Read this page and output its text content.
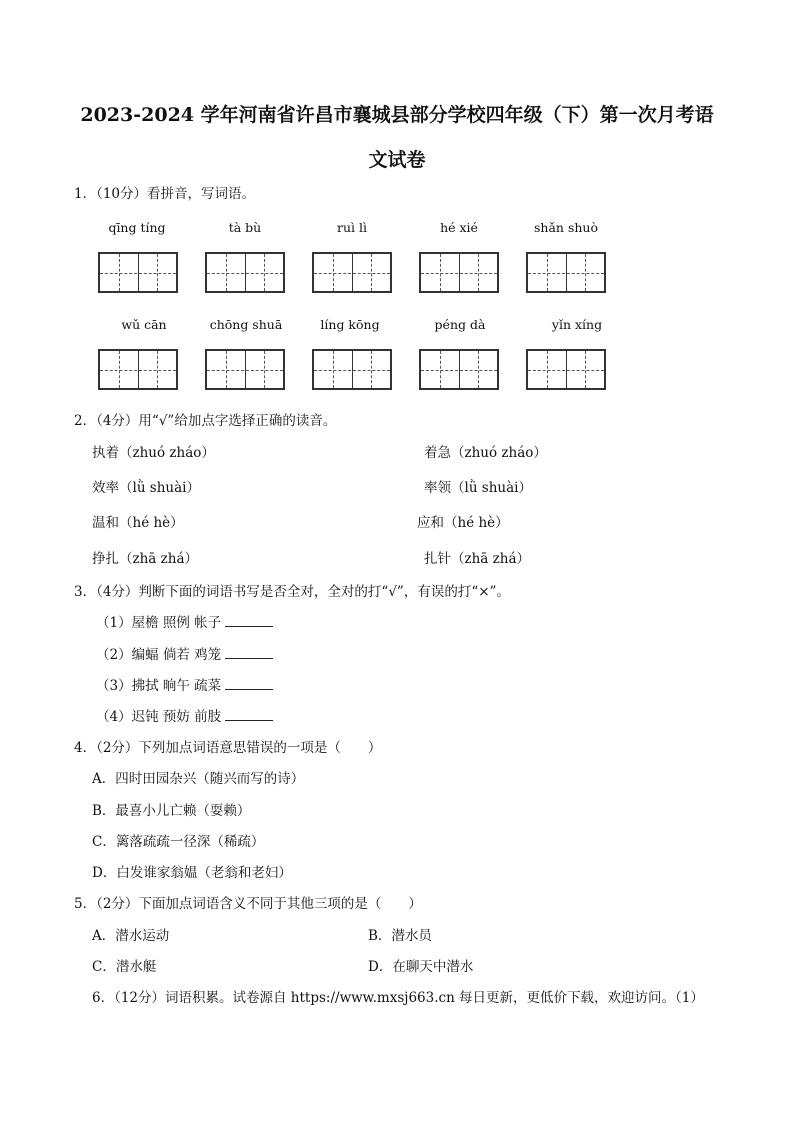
2023-2024 学年河南省许昌市襄城县部分学校四年级（下）第一次月考语
文试卷
1．（10分）看拼音，写词语。
qīng tíng	tà bù	ruì lì	hé xié	shǎn shuò
wǔ cān	chōng shuā	líng kōng	péng dà	yǐn xíng
2．（4分）用“√”给加点字选择正确的读音。
执着（zhuó zháo）	着急（zhuó zháo）
效率（lǜ shuài）	率领（lǜ shuài）
温和（hé hè）	应和（hé hè）
挣扎（zhā zhá）	扎针（zhā zhá）
3．（4分）判断下面的词语书写是否全对，全对的打“√”，有误的打“×”。
（1）屋檐 照例 帐子
（2）编蝠 倘若 鸡笼
（3）拂拭 晌午 疏菜
（4）迟钝 预妨 前肢
4．（2分）下列加点词语意思错误的一项是（　　）
A．四时田园杂兴（随兴而写的诗）
B．最喜小儿亡赖（耍赖）
C．篱落疏疏一径深（稀疏）
D．白发谁家翁媪（老翁和老妇）
5．（2分）下面加点词语含义不同于其他三项的是（　　）
A．潜水运动	B．潜水员
C．潜水艇	D．在聊天中潜水
6．（12分）词语积累。试卷源自 https://www.mxsj663.cn 每日更新，更低价下载，欢迎访问。（1）
